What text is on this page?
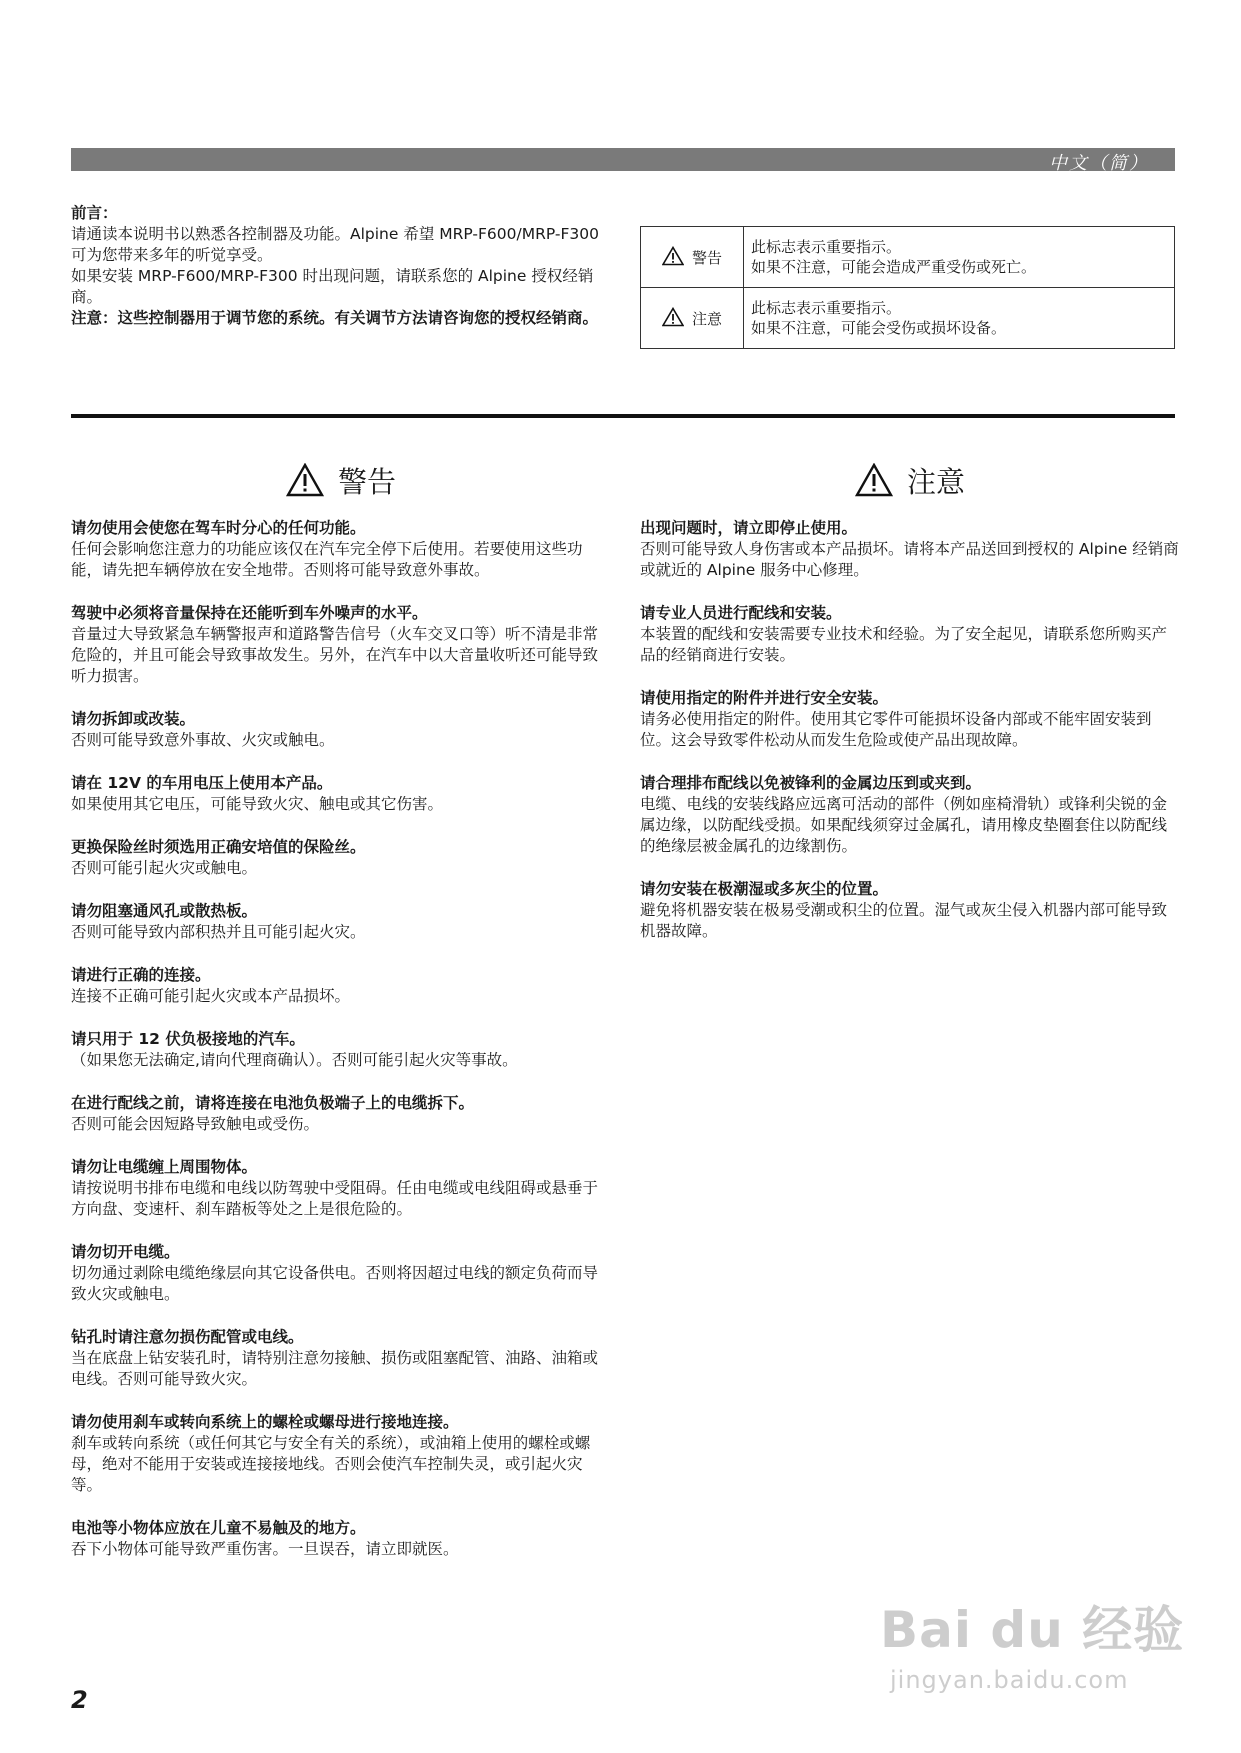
中文（简）
前言：
请通读本说明书以熟悉各控制器及功能。Alpine 希望 MRP-F600/MRP-F300 可为您带来多年的听觉享受。
如果安装 MRP-F600/MRP-F300 时出现问题，请联系您的 Alpine 授权经销商。
注意：这些控制器用于调节您的系统。有关调节方法请咨询您的授权经销商。
警告	此标志表示重要指示。
如果不注意，可能会造成严重受伤或死亡。

注意	此标志表示重要指示。
如果不注意，可能会受伤或损坏设备。
警告
请勿使用会使您在驾车时分心的任何功能。
任何会影响您注意力的功能应该仅在汽车完全停下后使用。若要使用这些功能，请先把车辆停放在安全地带。否则将可能导致意外事故。
驾驶中必须将音量保持在还能听到车外噪声的水平。
音量过大导致紧急车辆警报声和道路警告信号（火车交叉口等）听不清是非常危险的，并且可能会导致事故发生。另外，在汽车中以大音量收听还可能导致听力损害。
请勿拆卸或改装。
否则可能导致意外事故、火灾或触电。
请在 12V 的车用电压上使用本产品。
如果使用其它电压，可能导致火灾、触电或其它伤害。
更换保险丝时须选用正确安培值的保险丝。
否则可能引起火灾或触电。
请勿阻塞通风孔或散热板。
否则可能导致内部积热并且可能引起火灾。
请进行正确的连接。
连接不正确可能引起火灾或本产品损坏。
请只用于 12 伏负极接地的汽车。
（如果您无法确定,请向代理商确认）。否则可能引起火灾等事故。
在进行配线之前，请将连接在电池负极端子上的电缆拆下。
否则可能会因短路导致触电或受伤。
请勿让电缆缠上周围物体。
请按说明书排布电缆和电线以防驾驶中受阻碍。任由电缆或电线阻碍或悬垂于方向盘、变速杆、刹车踏板等处之上是很危险的。
请勿切开电缆。
切勿通过剥除电缆绝缘层向其它设备供电。否则将因超过电线的额定负荷而导致火灾或触电。
钻孔时请注意勿损伤配管或电线。
当在底盘上钻安装孔时，请特别注意勿接触、损伤或阻塞配管、油路、油箱或电线。否则可能导致火灾。
请勿使用刹车或转向系统上的螺栓或螺母进行接地连接。
刹车或转向系统（或任何其它与安全有关的系统），或油箱上使用的螺栓或螺母，绝对不能用于安装或连接接地线。否则会使汽车控制失灵，或引起火灾等。
电池等小物体应放在儿童不易触及的地方。
吞下小物体可能导致严重伤害。一旦误吞，请立即就医。
注意
出现问题时，请立即停止使用。
否则可能导致人身伤害或本产品损坏。请将本产品送回到授权的 Alpine 经销商或就近的 Alpine 服务中心修理。
请专业人员进行配线和安装。
本装置的配线和安装需要专业技术和经验。为了安全起见，请联系您所购买产品的经销商进行安装。
请使用指定的附件并进行安全安装。
请务必使用指定的附件。使用其它零件可能损坏设备内部或不能牢固安装到位。这会导致零件松动从而发生危险或使产品出现故障。
请合理排布配线以免被锋利的金属边压到或夹到。
电缆、电线的安装线路应远离可活动的部件（例如座椅滑轨）或锋利尖锐的金属边缘，以防配线受损。如果配线须穿过金属孔，请用橡皮垫圈套住以防配线的绝缘层被金属孔的边缘割伤。
请勿安装在极潮湿或多灰尘的位置。
避免将机器安装在极易受潮或积尘的位置。湿气或灰尘侵入机器内部可能导致机器故障。
2
Bai du 经验
jingyan.baidu.com
